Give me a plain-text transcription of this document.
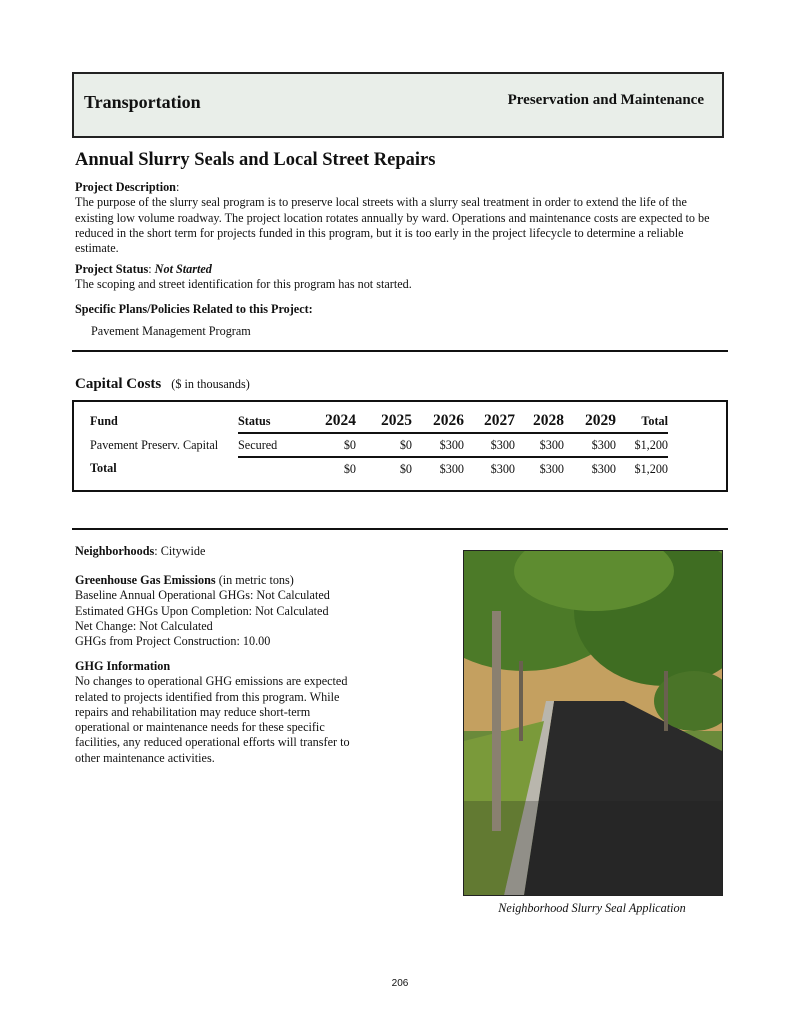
Transportation	Preservation and Maintenance
Annual Slurry Seals and Local Street Repairs
Project Description:
The purpose of the slurry seal program is to preserve local streets with a slurry seal treatment in order to extend the life of the existing low volume roadway. The project location rotates annually by ward. Operations and maintenance costs are expected to be reduced in the short term for projects funded in this program, but it is too early in the project lifecycle to determine a reliable estimate.
Project Status: Not Started
The scoping and street identification for this program has not started.
Specific Plans/Policies Related to this Project:
Pavement Management Program
Capital Costs ($ in thousands)
Fund	Status	2024	2025	2026	2027	2028	2029	Total
Pavement Preserv. Capital	Secured	$0	$0	$300	$300	$300	$300	$1,200
Total		$0	$0	$300	$300	$300	$300	$1,200
Neighborhoods: Citywide
Greenhouse Gas Emissions (in metric tons)
Baseline Annual Operational GHGs: Not Calculated
Estimated GHGs Upon Completion: Not Calculated
Net Change: Not Calculated
GHGs from Project Construction: 10.00
GHG Information
No changes to operational GHG emissions are expected related to projects identified from this program. While repairs and rehabilitation may reduce short-term operational or maintenance needs for these specific facilities, any reduced operational efforts will transfer to other maintenance activities.
Neighborhood Slurry Seal Application
206
